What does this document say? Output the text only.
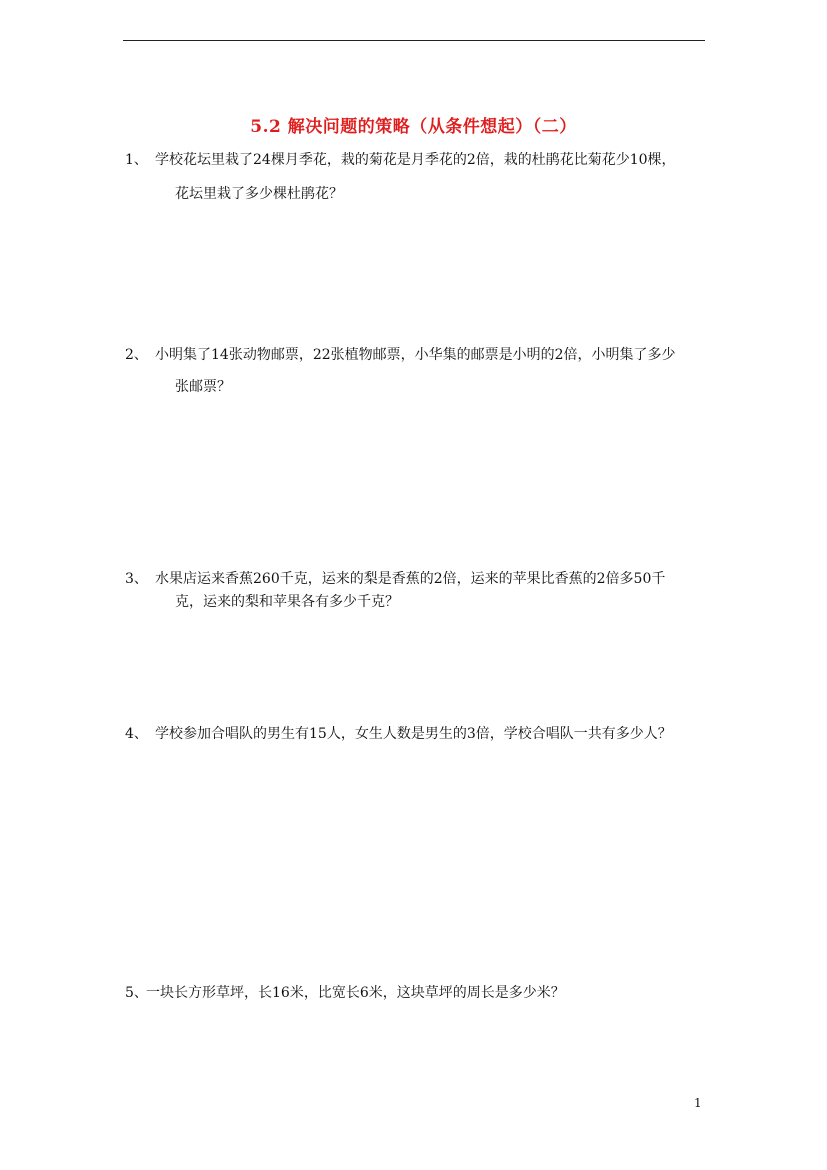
5.2 解决问题的策略（从条件想起）（二）
1、 学校花坛里栽了24棵月季花，栽的菊花是月季花的2倍，栽的杜鹃花比菊花少10棵，
花坛里栽了多少棵杜鹃花？
2、 小明集了14张动物邮票，22张植物邮票，小华集的邮票是小明的2倍，小明集了多少
张邮票？
3、 水果店运来香蕉260千克，运来的梨是香蕉的2倍，运来的苹果比香蕉的2倍多50千
克，运来的梨和苹果各有多少千克？
4、 学校参加合唱队的男生有15人，女生人数是男生的3倍，学校合唱队一共有多少人？
5、
一块长方形草坪，长16米，比宽长6米，这块草坪的周长是多少米？
1
